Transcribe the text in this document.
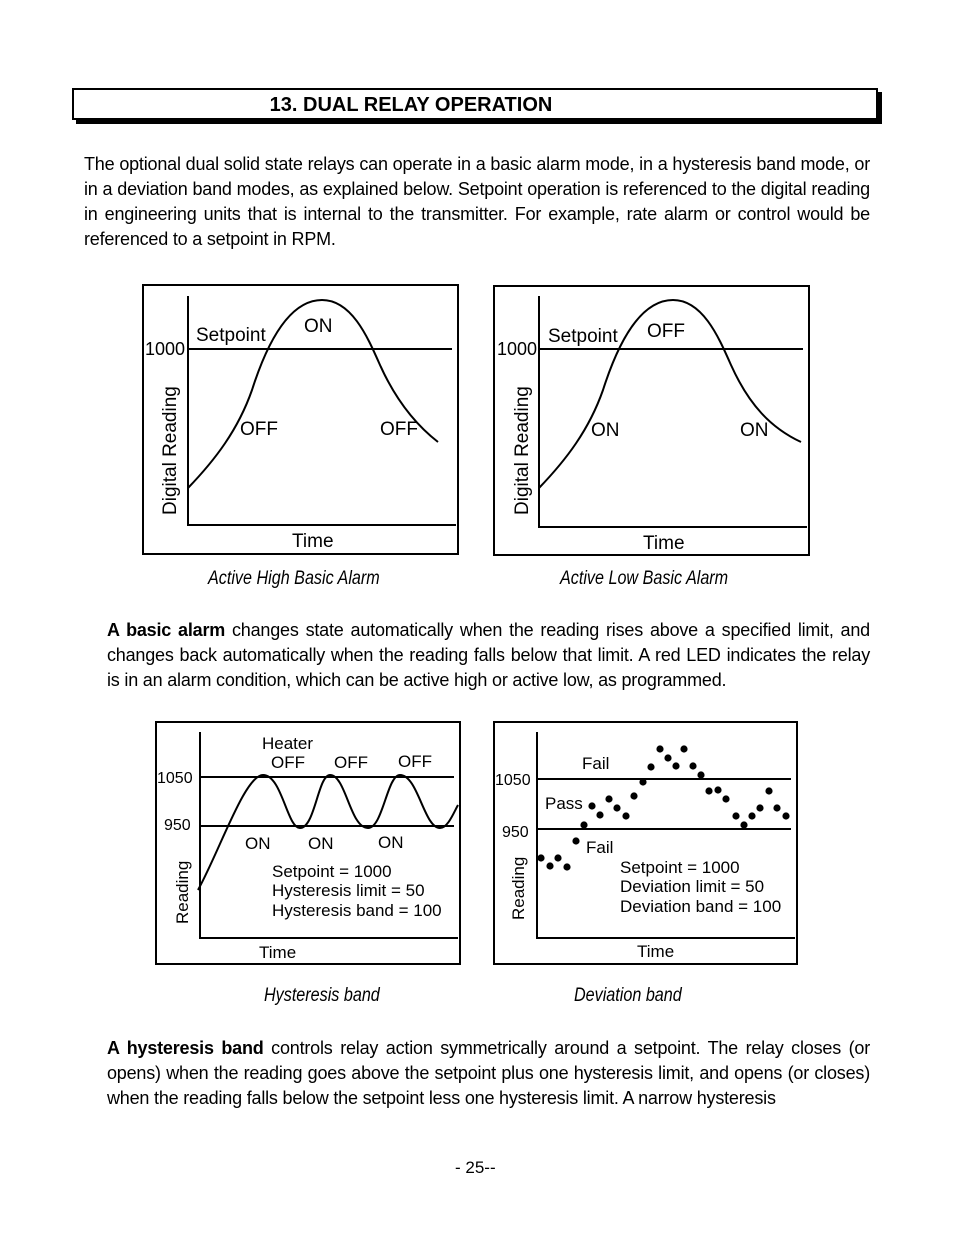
13. DUAL RELAY OPERATION
The optional dual solid state relays can operate in a basic alarm mode, in a hysteresis band mode, or in a deviation band modes, as explained below. Setpoint operation is referenced to the digital reading in engineering units that is internal to the transmitter. For example, rate alarm or control would be referenced to a setpoint in RPM.
1000
Setpoint ON
OFF	OFF
Time
Digital Reading
1000
Setpoint OFF
ON	ON
Time
Digital Reading
1050
950
Heater
OFF OFF OFF
ON ON	ON
Setpoint = 1000
Hysteresis limit = 50
Hysteresis band = 100
Time
Reading
1050
950
Fail
Pass
Fail
Setpoint = 1000
Deviation limit = 50
Deviation band = 100
Time
Reading
Active High Basic Alarm	Active Low Basic Alarm
A basic alarm changes state automatically when the reading rises above a specified limit, and changes back automatically when the reading falls below that limit. A red LED indicates the relay is in an alarm condition, which can be active high or active low, as programmed.
Hysteresis band	Deviation band
A hysteresis band controls relay action symmetrically around a setpoint. The relay closes (or opens) when the reading goes above the setpoint plus one hysteresis limit, and opens (or closes) when the reading falls below the setpoint less one hysteresis limit. A narrow hysteresis
- 25--
